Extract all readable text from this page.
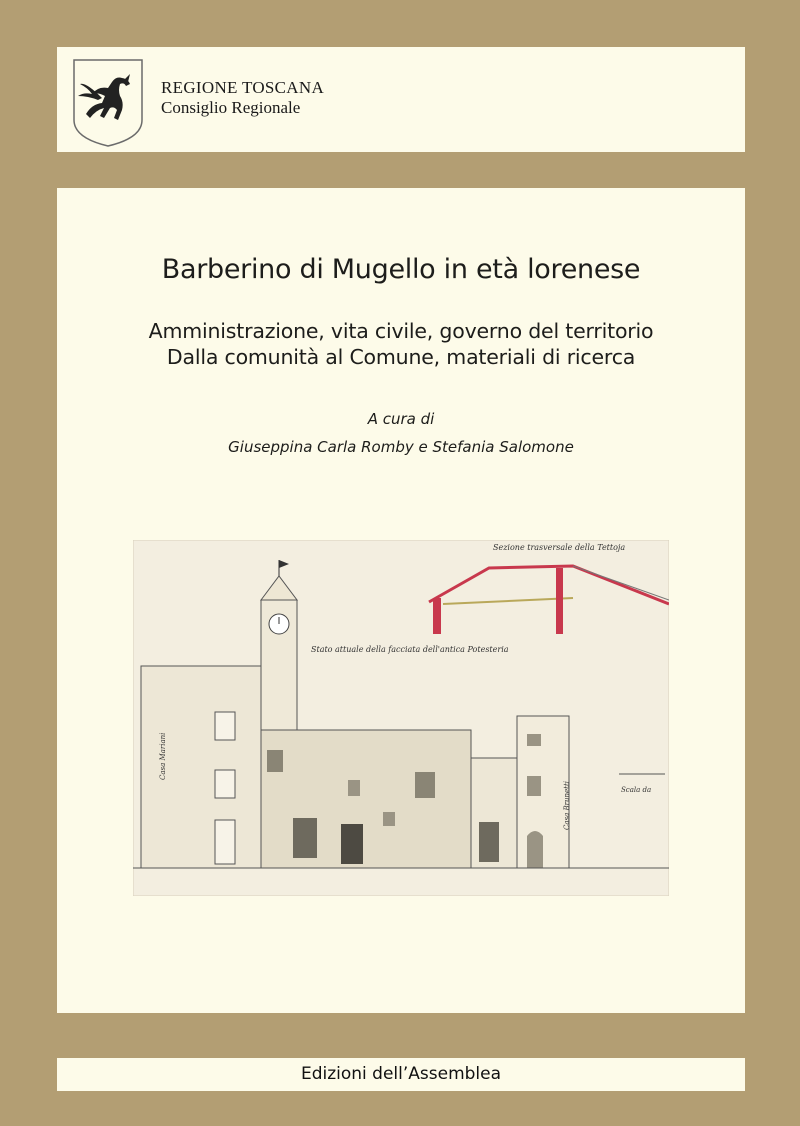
REGIONE TOSCANA
Consiglio Regionale
Barberino di Mugello in età lorenese
Amministrazione, vita civile, governo del territorio
Dalla comunità al Comune, materiali di ricerca
A cura di
Giuseppina Carla Romby e Stefania Salomone
Sezione trasversale della Tettoja
Stato attuale della facciata dell'antica Potesteria
Casa Mariani
Casa Brunetti	Scala da
Edizioni dell’Assemblea
